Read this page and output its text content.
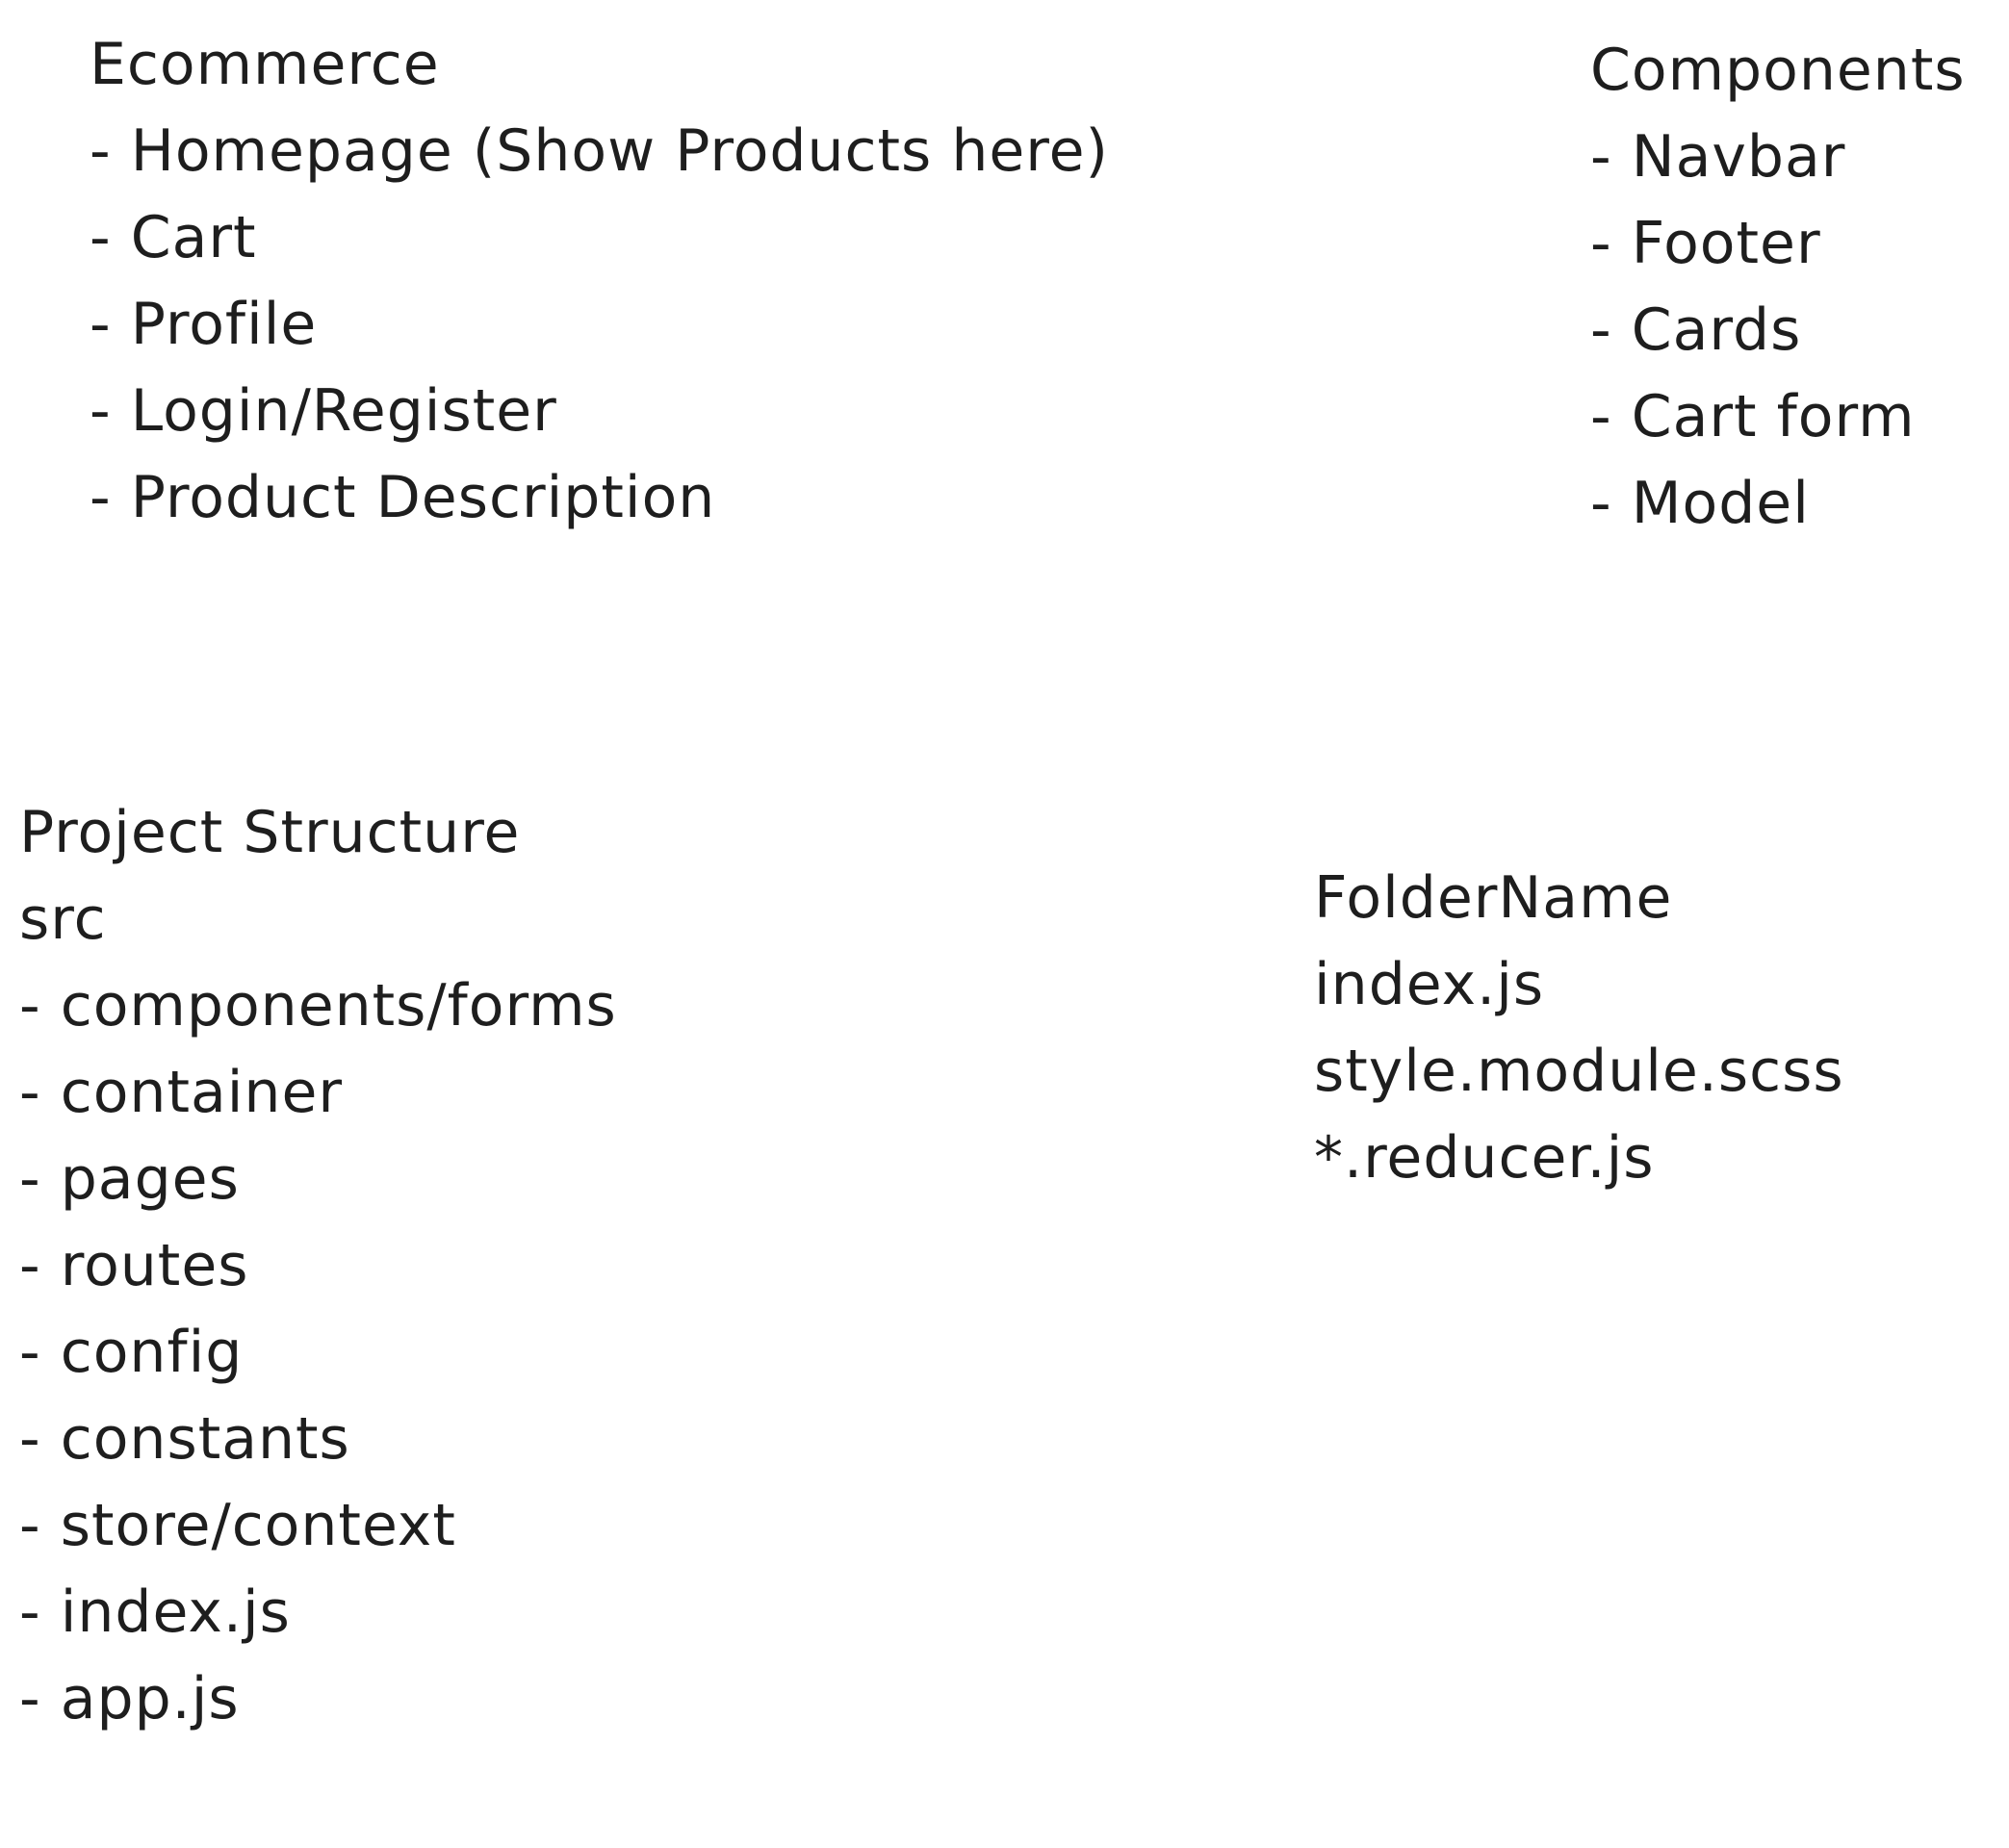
Ecommerce
- Homepage (Show Products here)
- Cart
- Profile
- Login/Register
- Product Description
Components
- Navbar
- Footer
- Cards
- Cart form
- Model
Project Structure
src
- components/forms
- container
- pages
- routes
- config
- constants
- store/context
- index.js
- app.js
FolderName
index.js
style.module.scss
*.reducer.js
